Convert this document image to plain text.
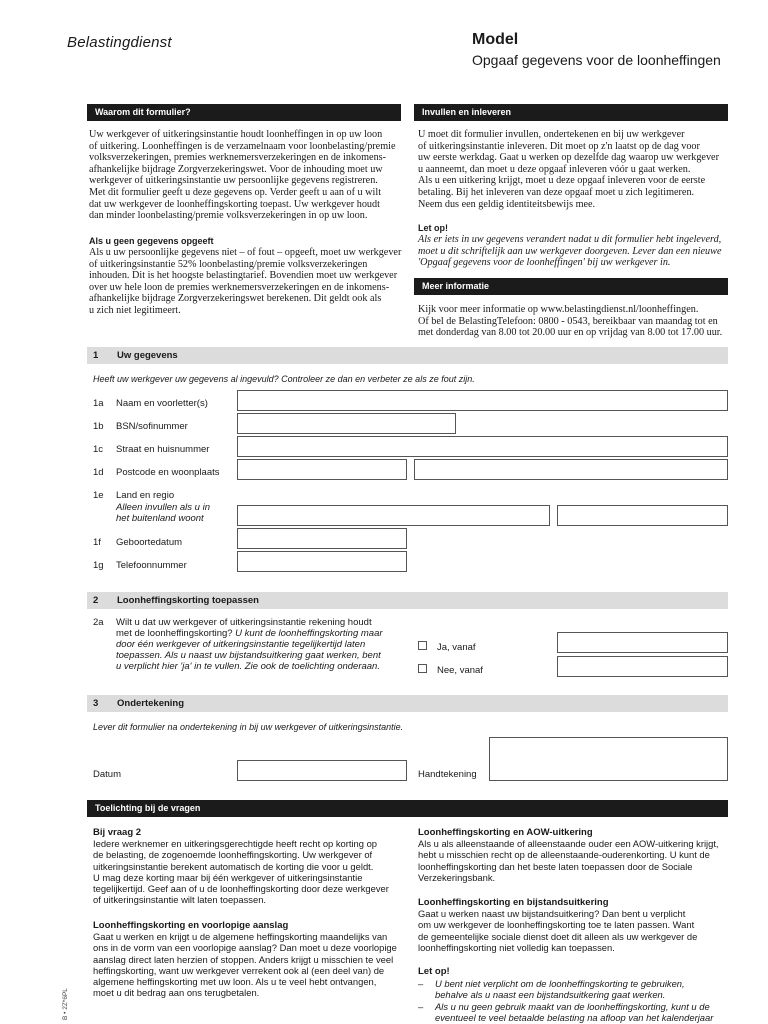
Belastingdienst	Model
Opgaaf gegevens voor de loonheffingen
Waarom dit formulier?
Uw werkgever of uitkeringsinstantie houdt loonheffingen in op uw loon
of uitkering. Loonheffingen is de verzamelnaam voor loonbelasting/premie
volksverzekeringen, premies werknemersverzekeringen en de inkomens-
afhankelijke bijdrage Zorgverzekeringswet. Voor de inhouding moet uw
werkgever of uitkeringsinstantie uw persoonlijke gegevens registreren.
Met dit formulier geeft u deze gegevens op. Verder geeft u aan of u wilt
dat uw werkgever de loonheffingskorting toepast. Uw werkgever houdt
dan minder loonbelasting/premie volksverzekeringen in op uw loon.
Als u geen gegevens opgeeft
Als u uw persoonlijke gegevens niet – of fout – opgeeft, moet uw werkgever
of uitkeringsinstantie 52% loonbelasting/premie volksverzekeringen
inhouden. Dit is het hoogste belastingtarief. Bovendien moet uw werkgever
over uw hele loon de premies werknemersverzekeringen en de inkomens-
afhankelijke bijdrage Zorgverzekeringswet berekenen. Dit geldt ook als
u zich niet legitimeert.
Invullen en inleveren
U moet dit formulier invullen, ondertekenen en bij uw werkgever
of uitkeringsinstantie inleveren. Dit moet op z'n laatst op de dag voor
uw eerste werkdag. Gaat u werken op dezelfde dag waarop uw werkgever
u aanneemt, dan moet u deze opgaaf inleveren vóór u gaat werken.
Als u een uitkering krijgt, moet u deze opgaaf inleveren voor de eerste
betaling. Bij het inleveren van deze opgaaf moet u zich legitimeren.
Neem dus een geldig identiteitsbewijs mee.
Let op!
Als er iets in uw gegevens verandert nadat u dit formulier hebt ingeleverd,
moet u dit schriftelijk aan uw werkgever doorgeven. Lever dan een nieuwe
'Opgaaf gegevens voor de loonheffingen' bij uw werkgever in.
Meer informatie
Kijk voor meer informatie op www.belastingdienst.nl/loonheffingen.
Of bel de BelastingTelefoon: 0800 - 0543, bereikbaar van maandag tot en
met donderdag van 8.00 tot 20.00 uur en op vrijdag van 8.00 tot 17.00 uur.
1 Uw gegevens
Heeft uw werkgever uw gegevens al ingevuld? Controleer ze dan en verbeter ze als ze fout zijn.
1a Naam en voorletter(s)
1b BSN/sofinummer
1c Straat en huisnummer
1d Postcode en woonplaats
1e Land en regio
Alleen invullen als u in
het buitenland woont
1f Geboortedatum
1g Telefoonnummer
2 Loonheffingskorting toepassen
2a Wilt u dat uw werkgever of uitkeringsinstantie rekening houdt
met de loonheffingskorting? U kunt de loonheffingskorting maar
door één werkgever of uitkeringsinstantie tegelijkertijd laten
toepassen. Als u naast uw bijstandsuitkering gaat werken, bent
u verplicht hier 'ja' in te vullen. Zie ook de toelichting onderaan.
Ja, vanaf
Nee, vanaf
3 Ondertekening
Lever dit formulier na ondertekening in bij uw werkgever of uitkeringsinstantie.
Datum	Handtekening
Toelichting bij de vragen
Bij vraag 2
Iedere werknemer en uitkeringsgerechtigde heeft recht op korting op
de belasting, de zogenoemde loonheffingskorting. Uw werkgever of
uitkeringsinstantie berekent automatisch de korting die voor u geldt.
U mag deze korting maar bij één werkgever of uitkeringsinstantie
tegelijkertijd. Geef aan of u de loonheffingskorting door deze werkgever
of uitkeringsinstantie wilt laten toepassen.
Loonheffingskorting en voorlopige aanslag
Gaat u werken en krijgt u de algemene heffingskorting maandelijks van
ons in de vorm van een voorlopige aanslag? Dan moet u deze voorlopige
aanslag direct laten herzien of stoppen. Anders krijgt u misschien te veel
heffingskorting, want uw werkgever verrekent ook al (een deel van) de
algemene heffingskorting met uw loon. Als u te veel hebt ontvangen,
moet u dit bedrag aan ons terugbetalen.
Loonheffingskorting en AOW-uitkering
Als u als alleenstaande of alleenstaande ouder een AOW-uitkering krijgt,
hebt u misschien recht op de alleenstaande-ouderenkorting. U kunt de
loonheffingskorting dan het beste laten toepassen door de Sociale
Verzekeringsbank.
Loonheffingskorting en bijstandsuitkering
Gaat u werken naast uw bijstandsuitkering? Dan bent u verplicht
om uw werkgever de loonheffingskorting toe te laten passen. Want
de gemeentelijke sociale dienst doet dit alleen als uw werkgever de
loonheffingskorting niet volledig kan toepassen.
Let op!
– U bent niet verplicht om de loonheffingskorting te gebruiken,
behalve als u naast een bijstandsuitkering gaat werken.
– Als u nu geen gebruik maakt van de loonheffingskorting, kunt u de
eventueel te veel betaalde belasting na afloop van het kalenderjaar
B • 2Z*6PL
